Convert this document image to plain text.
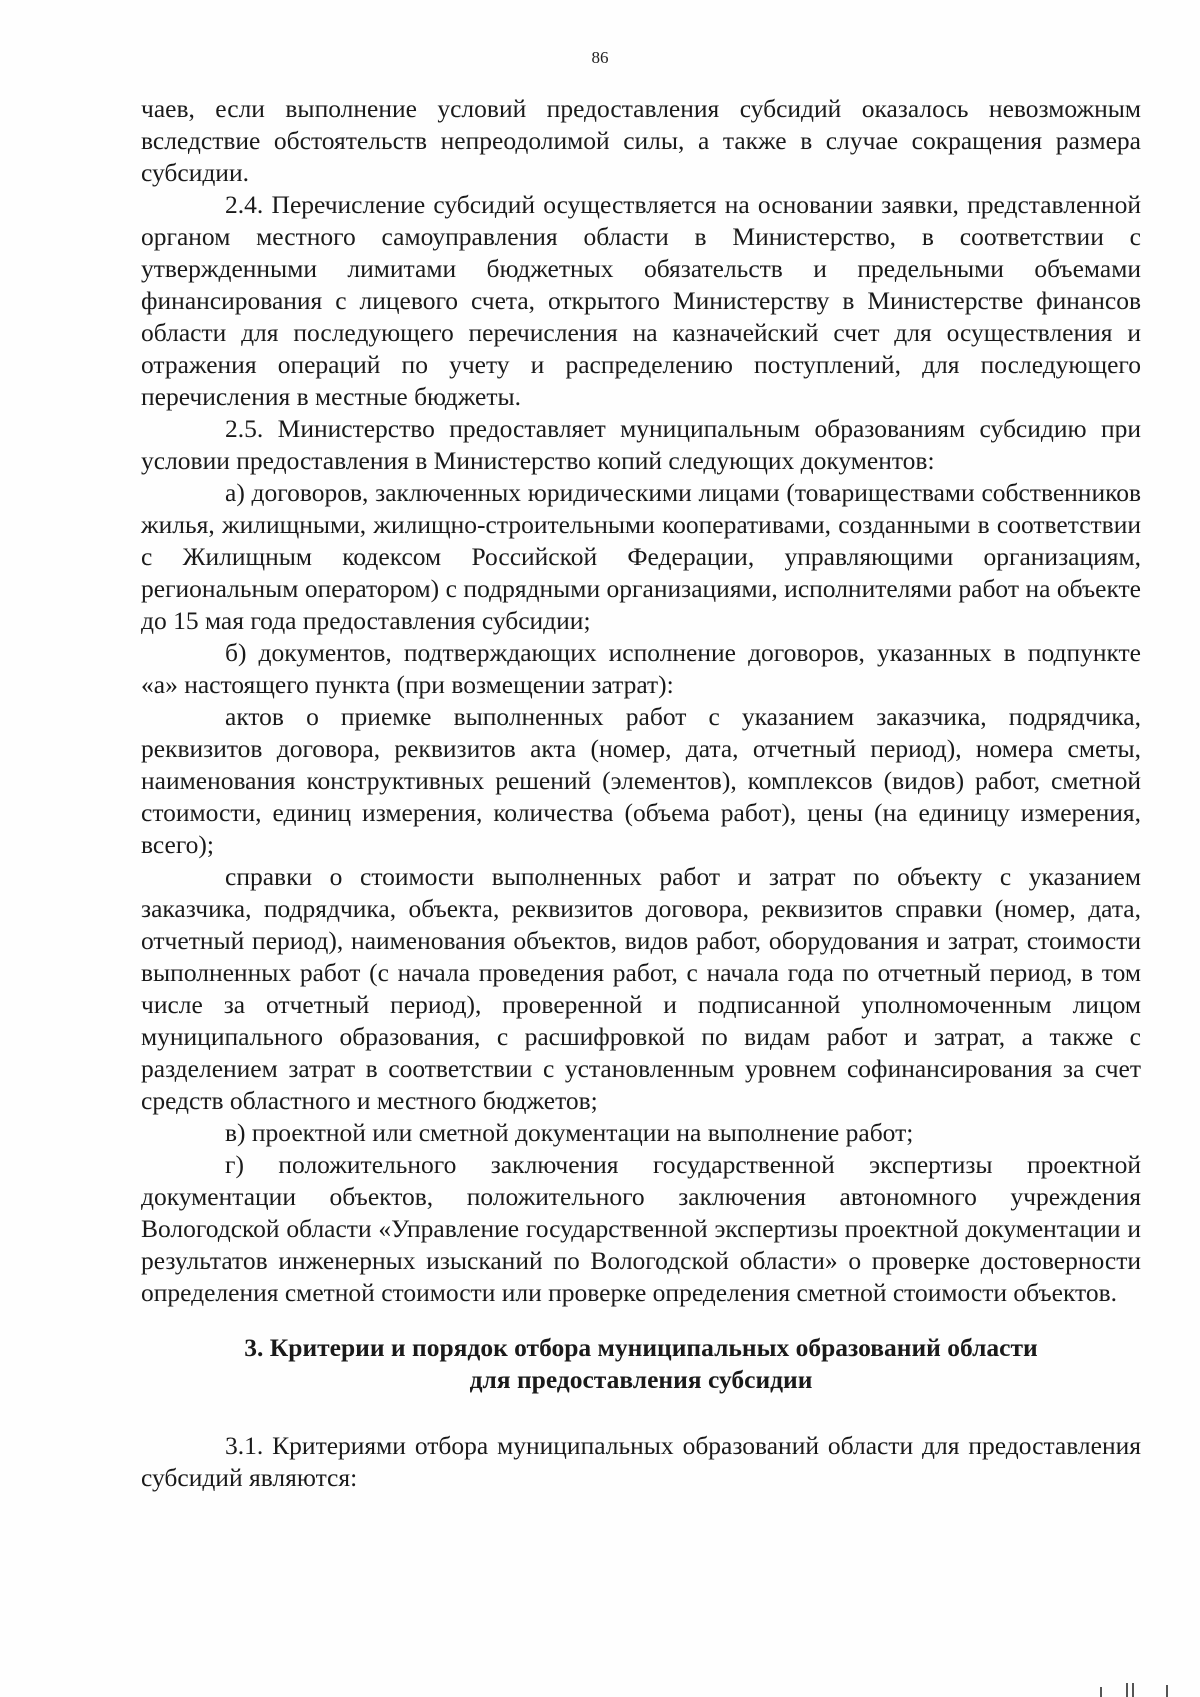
86

чаев, если выполнение условий предоставления субсидий оказалось невозможным вследствие обстоятельств непреодолимой силы, а также в случае сокращения размера субсидии.

2.4. Перечисление субсидий осуществляется на основании заявки, представленной органом местного самоуправления области в Министерство, в соответствии с утвержденными лимитами бюджетных обязательств и предельными объемами финансирования с лицевого счета, открытого Министерству в Министерстве финансов области для последующего перечисления на казначейский счет для осуществления и отражения операций по учету и распределению поступлений, для последующего перечисления в местные бюджеты.

2.5. Министерство предоставляет муниципальным образованиям субсидию при условии предоставления в Министерство копий следующих документов:

а) договоров, заключенных юридическими лицами (товариществами собственников жилья, жилищными, жилищно-строительными кооперативами, созданными в соответствии с Жилищным кодексом Российской Федерации, управляющими организациям, региональным оператором) с подрядными организациями, исполнителями работ на объекте до 15 мая года предоставления субсидии;

б) документов, подтверждающих исполнение договоров, указанных в подпункте «а» настоящего пункта (при возмещении затрат):

актов о приемке выполненных работ с указанием заказчика, подрядчика, реквизитов договора, реквизитов акта (номер, дата, отчетный период), номера сметы, наименования конструктивных решений (элементов), комплексов (видов) работ, сметной стоимости, единиц измерения, количества (объема работ), цены (на единицу измерения, всего);

справки о стоимости выполненных работ и затрат по объекту с указанием заказчика, подрядчика, объекта, реквизитов договора, реквизитов справки (номер, дата, отчетный период), наименования объектов, видов работ, оборудования и затрат, стоимости выполненных работ (с начала проведения работ, с начала года по отчетный период, в том числе за отчетный период), проверенной и подписанной уполномоченным лицом муниципального образования, с расшифровкой по видам работ и затрат, а также с разделением затрат в соответствии с установленным уровнем софинансирования за счет средств областного и местного бюджетов;

в) проектной или сметной документации на выполнение работ;

г) положительного заключения государственной экспертизы проектной документации объектов, положительного заключения автономного учреждения Вологодской области «Управление государственной экспертизы проектной документации и результатов инженерных изысканий по Вологодской области» о проверке достоверности определения сметной стоимости или проверке определения сметной стоимости объектов.

3. Критерии и порядок отбора муниципальных образований области
для предоставления субсидии

3.1. Критериями отбора муниципальных образований области для предоставления субсидий являются:
